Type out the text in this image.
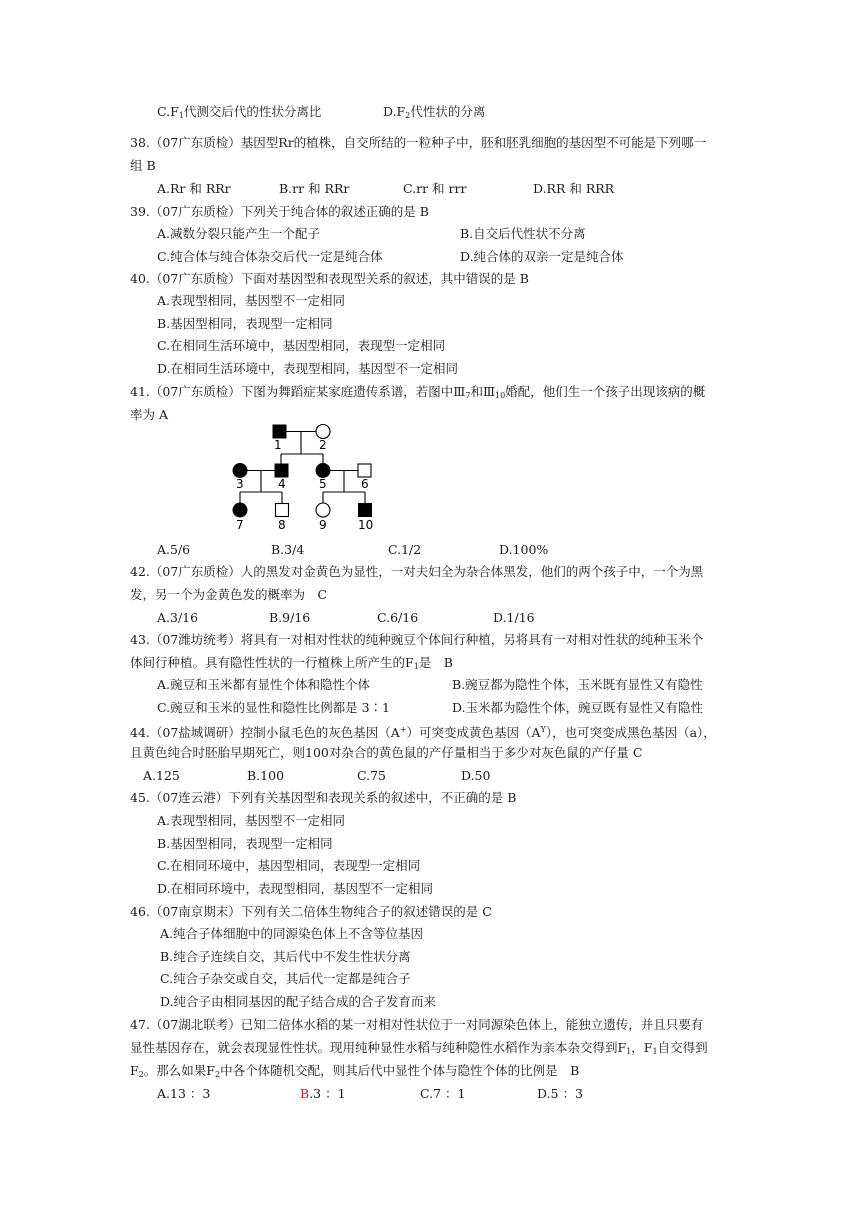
$C.F_1$代测交后代的性状分离比	$D.F_2$代性状的分离
38.（07广东质检）基因型Rr的植株，自交所结的一粒种子中，胚和胚乳细胞的基因型不可能是下列哪一
组 B
39.（07广东质检）下列关于纯合体的叙述正确的是 B
40.（07广东质检）下面对基因型和表现型关系的叙述，其中错误的是 B
A.表现型相同，基因型不一定相同
B.基因型相同，表现型一定相同
C.在相同生活环境中，基因型相同，表现型一定相同
D.在相同生活环境中，表现型相同，基因型不一定相同
41.（07广东质检）下图为舞蹈症某家庭遗传系谱，若图中$Ⅲ_7$和$Ⅲ_{10}$婚配，他们生一个孩子出现该病的概
率为 A
42.（07广东质检）人的黑发对金黄色为显性，一对夫妇全为杂合体黑发，他们的两个孩子中，一个为黑
发，另一个为金黄色发的概率为　C
43.（07潍坊统考）将具有一对相对性状的纯种豌豆个体间行种植，另将具有一对相对性状的纯种玉米个
体间行种植。具有隐性性状的一行植株上所产生的$F_1$是　B
44.（07盐城调研）控制小鼠毛色的灰色基因（A+）可突变成黄色基因$(A^Y)$，也可突变成黑色基因（a），
且黄色纯合时胚胎早期死亡，则100对杂合的黄色鼠的产仔量相当于多少对灰色鼠的产仔量 C
45.（07连云港）下列有关基因型和表现关系的叙述中，不正确的是 B
A.表现型相同，基因型不一定相同
B.基因型相同，表现型一定相同
C.在相同环境中，基因型相同，表现型一定相同
D.在相同环境中，表现型相同，基因型不一定相同
46.（07南京期末）下列有关二倍体生物纯合子的叙述错误的是 C
A.纯合子体细胞中的同源染色体上不含等位基因
B.纯合子连续自交，其后代中不发生性状分离
C.纯合子杂交或自交，其后代一定都是纯合子
D.纯合子由相同基因的配子结合成的合子发育而来
47.（07湖北联考）已知二倍体水稻的某一对相对性状位于一对同源染色体上，能独立遗传，并且只要有
显性基因存在，就会表现显性性状。现用纯种显性水稻与纯种隐性水稻作为亲本杂交得到$F_1$，$F_1$自交得到
$F_2$。那么如果$F_2$中各个体随机交配，则其后代中显性个体与隐性个体的比例是　B
A.Rr 和 RRr	B.rr 和 RRr	C.rr 和 rrr	D.RR 和 RRR
A.减数分裂只能产生一个配子	B.自交后代性状不分离
C.纯合体与纯合体杂交后代一定是纯合体	D.纯合体的双亲一定是纯合体
A.5/6	B.3/4	C.1/2	D.100%
A.3/16	B.9/16	C.6/16	D.1/16
A.豌豆和玉米都有显性个体和隐性个体	B.豌豆都为隐性个体，玉米既有显性又有隐性
C.豌豆和玉米的显性和隐性比例都是 3∶1	D.玉米都为隐性个体，豌豆既有显性又有隐性
A.125	B.100	C.75	D.50
A.13 ：3	B.3 ：1	C.7 ：1	D.5 ：3
1	2
3	4	5	6
7	8	9	10
